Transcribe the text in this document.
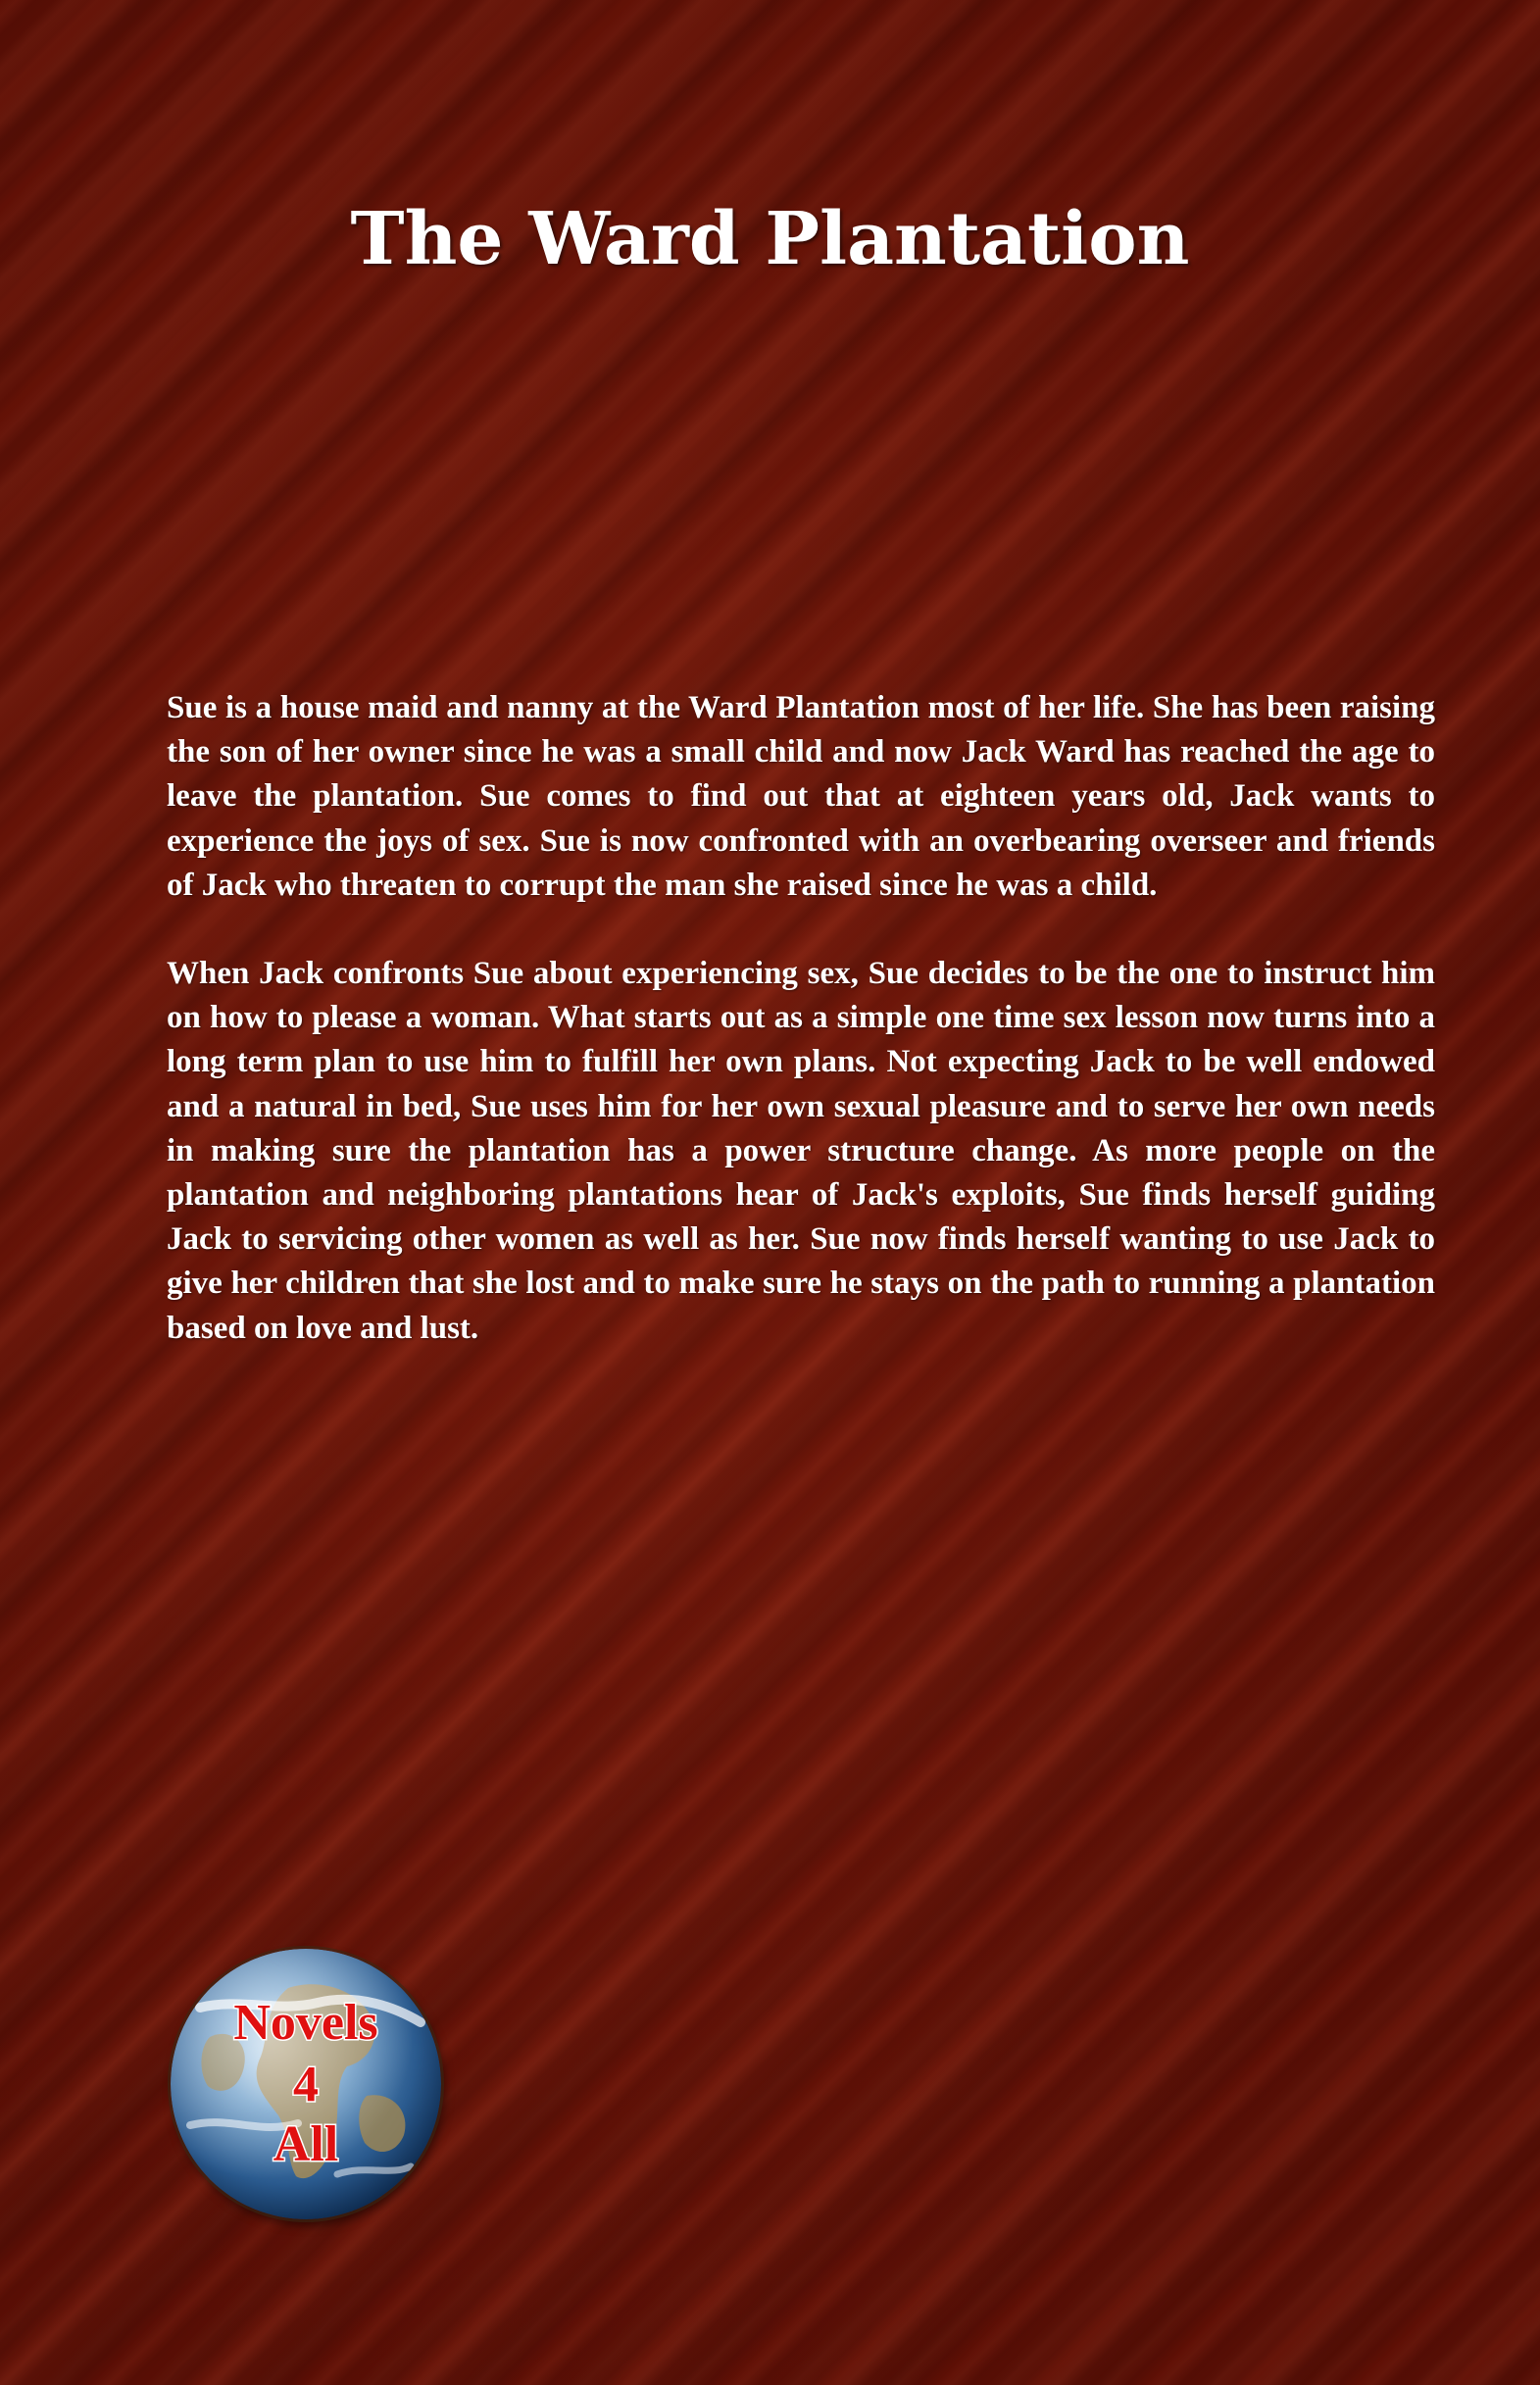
The Ward Plantation

Sue is a house maid and nanny at the Ward Plantation most of her life. She has been raising the son of her owner since he was a small child and now Jack Ward has reached the age to leave the plantation. Sue comes to find out that at eighteen years old, Jack wants to experience the joys of sex. Sue is now confronted with an overbearing overseer and friends of Jack who threaten to corrupt the man she raised since he was a child.

When Jack confronts Sue about experiencing sex, Sue decides to be the one to instruct him on how to please a woman. What starts out as a simple one time sex lesson now turns into a long term plan to use him to fulfill her own plans. Not expecting Jack to be well endowed and a natural in bed, Sue uses him for her own sexual pleasure and to serve her own needs in making sure the plantation has a power structure change. As more people on the plantation and neighboring plantations hear of Jack's exploits, Sue finds herself guiding Jack to servicing other women as well as her. Sue now finds herself wanting to use Jack to give her children that she lost and to make sure he stays on the path to running a plantation based on love and lust.

Novels
4
All
